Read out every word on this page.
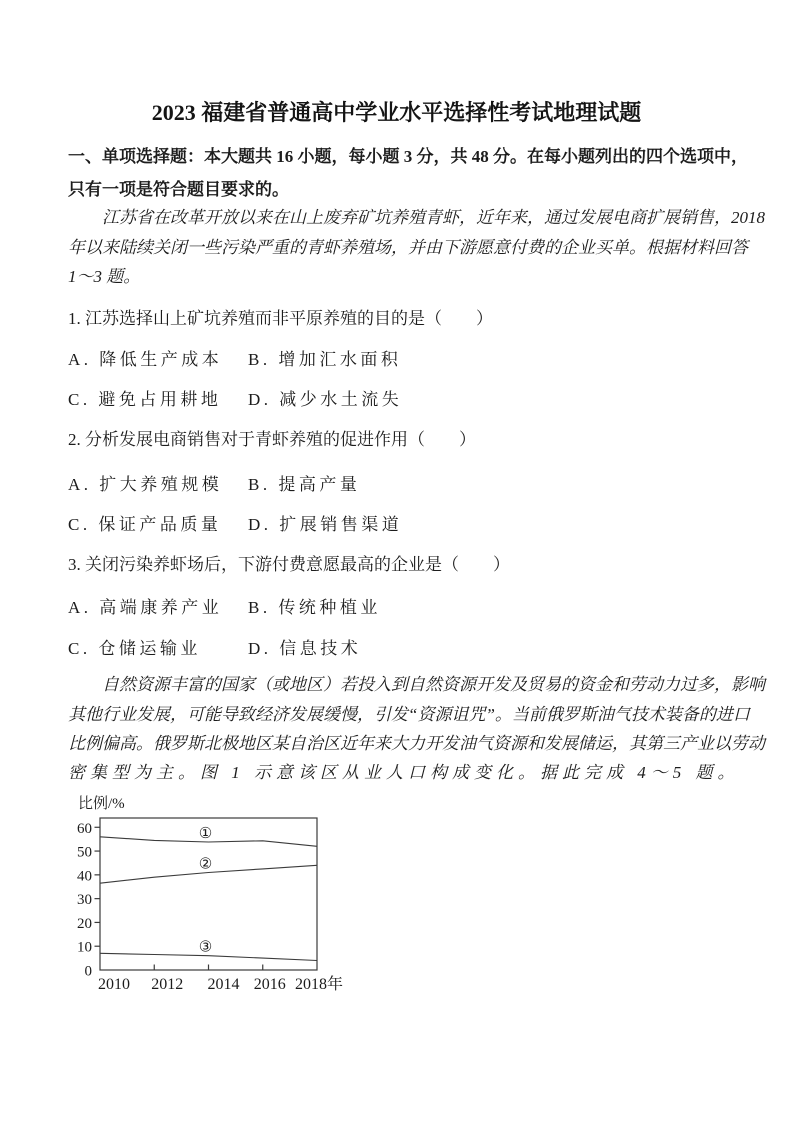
2023 福建省普通高中学业水平选择性考试地理试题
一、单项选择题：本大题共 16 小题，每小题 3 分，共 48 分。在每小题列出的四个选项中，
只有一项是符合题目要求的。
江苏省在改革开放以来在山上废弃矿坑养殖青虾，近年来，通过发展电商扩展销售，2018
年以来陆续关闭一些污染严重的青虾养殖场，并由下游愿意付费的企业买单。根据材料回答
1～3 题。
1. 江苏选择山上矿坑养殖而非平原养殖的目的是（　　）
A. 降低生产成本 B. 增加汇水面积
C. 避免占用耕地 D. 减少水土流失
2. 分析发展电商销售对于青虾养殖的促进作用（　　）
A. 扩大养殖规模 B. 提高产量
C. 保证产品质量 D. 扩展销售渠道
3. 关闭污染养虾场后，下游付费意愿最高的企业是（　　）
A. 高端康养产业 B. 传统种植业
C. 仓储运输业	D. 信息技术
自然资源丰富的国家（或地区）若投入到自然资源开发及贸易的资金和劳动力过多，影响
其他行业发展，可能导致经济发展缓慢，引发“资源诅咒”。当前俄罗斯油气技术装备的进口
比例偏高。俄罗斯北极地区某自治区近年来大力开发油气资源和发展储运，其第三产业以劳动
密集型为主。图 1 示意该区从业人口构成变化。据此完成 4～5 题。
0
10
20
30
40
50
60
2010 2012 2014 2016 2018年
比例/%
①
②
③
